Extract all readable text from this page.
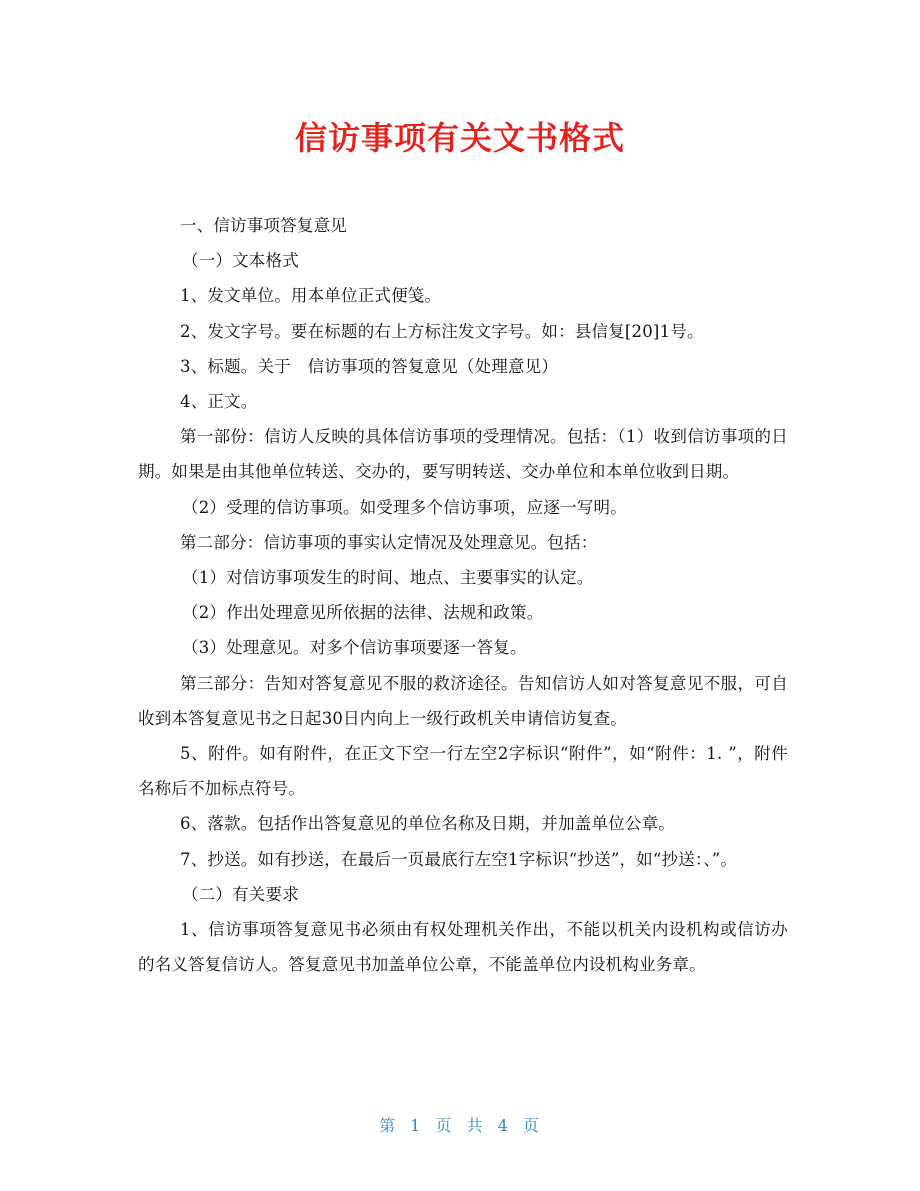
信访事项有关文书格式

一、信访事项答复意见

（一）文本格式

1、发文单位。用本单位正式便笺。

2、发文字号。要在标题的右上方标注发文字号。如：县信复[20]1号。

3、标题。关于　信访事项的答复意见（处理意见）

4、正文。

第一部份：信访人反映的具体信访事项的受理情况。包括：（1）收到信访事项的日期。如果是由其他单位转送、交办的，要写明转送、交办单位和本单位收到日期。

（2）受理的信访事项。如受理多个信访事项，应逐一写明。

第二部分：信访事项的事实认定情况及处理意见。包括：

（1）对信访事项发生的时间、地点、主要事实的认定。

（2）作出处理意见所依据的法律、法规和政策。

（3）处理意见。对多个信访事项要逐一答复。

第三部分：告知对答复意见不服的救济途径。告知信访人如对答复意见不服，可自收到本答复意见书之日起30日内向上一级行政机关申请信访复查。

5、附件。如有附件，在正文下空一行左空2字标识“附件”，如“附件：1. ”，附件名称后不加标点符号。

6、落款。包括作出答复意见的单位名称及日期，并加盖单位公章。

7、抄送。如有抄送，在最后一页最底行左空1字标识“抄送”，如“抄送：、”。

（二）有关要求

1、信访事项答复意见书必须由有权处理机关作出，不能以机关内设机构或信访办的名义答复信访人。答复意见书加盖单位公章，不能盖单位内设机构业务章。

第 1 页 共 4 页
